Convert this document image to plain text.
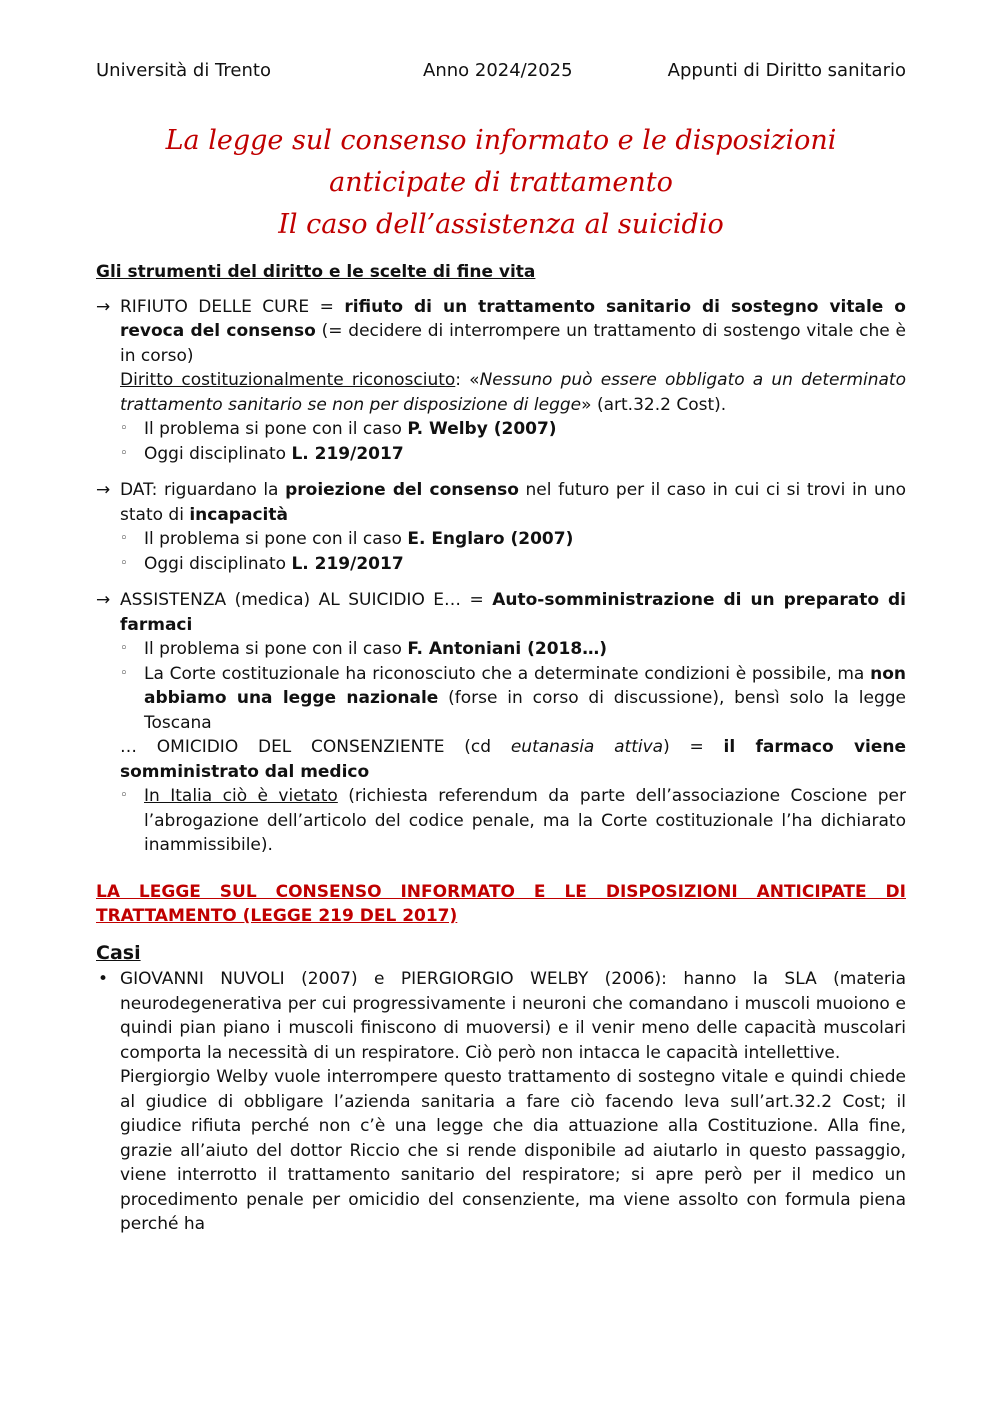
Università di Trento	Anno 2024/2025	Appunti di Diritto sanitario
La legge sul consenso informato e le disposizioni
anticipate di trattamento
Il caso dell’assistenza al suicidio
Gli strumenti del diritto e le scelte di fine vita
→ RIFIUTO DELLE CURE = rifiuto di un trattamento sanitario di sostegno vitale o revoca del consenso (= decidere di interrompere un trattamento di sostengo vitale che è in corso)
Diritto costituzionalmente riconosciuto: «Nessuno può essere obbligato a un determinato trattamento sanitario se non per disposizione di legge» (art.32.2 Cost).
◦ Il problema si pone con il caso P. Welby (2007)
◦ Oggi disciplinato L. 219/2017
→ DAT: riguardano la proiezione del consenso nel futuro per il caso in cui ci si trovi in uno stato di incapacità
◦ Il problema si pone con il caso E. Englaro (2007)
◦ Oggi disciplinato L. 219/2017
→ ASSISTENZA (medica) AL SUICIDIO E… = Auto-somministrazione di un preparato di farmaci
◦ Il problema si pone con il caso F. Antoniani (2018…)
◦ La Corte costituzionale ha riconosciuto che a determinate condizioni è possibile, ma non abbiamo una legge nazionale (forse in corso di discussione), bensì solo la legge Toscana
… OMICIDIO DEL CONSENZIENTE (cd eutanasia attiva) = il farmaco viene somministrato dal medico
◦ In Italia ciò è vietato (richiesta referendum da parte dell’associazione Coscione per l’abrogazione dell’articolo del codice penale, ma la Corte costituzionale l’ha dichiarato inammissibile).
LA LEGGE SUL CONSENSO INFORMATO E LE DISPOSIZIONI ANTICIPATE DI TRATTAMENTO (LEGGE 219 DEL 2017)
Casi
• GIOVANNI NUVOLI (2007) e PIERGIORGIO WELBY (2006): hanno la SLA (materia neurodegenerativa per cui progressivamente i neuroni che comandano i muscoli muoiono e quindi pian piano i muscoli finiscono di muoversi) e il venir meno delle capacità muscolari comporta la necessità di un respiratore. Ciò però non intacca le capacità intellettive.
Piergiorgio Welby vuole interrompere questo trattamento di sostegno vitale e quindi chiede al giudice di obbligare l’azienda sanitaria a fare ciò facendo leva sull’art.32.2 Cost; il giudice rifiuta perché non c’è una legge che dia attuazione alla Costituzione. Alla fine, grazie all’aiuto del dottor Riccio che si rende disponibile ad aiutarlo in questo passaggio, viene interrotto il trattamento sanitario del respiratore; si apre però per il medico un procedimento penale per omicidio del consenziente, ma viene assolto con formula piena perché ha
